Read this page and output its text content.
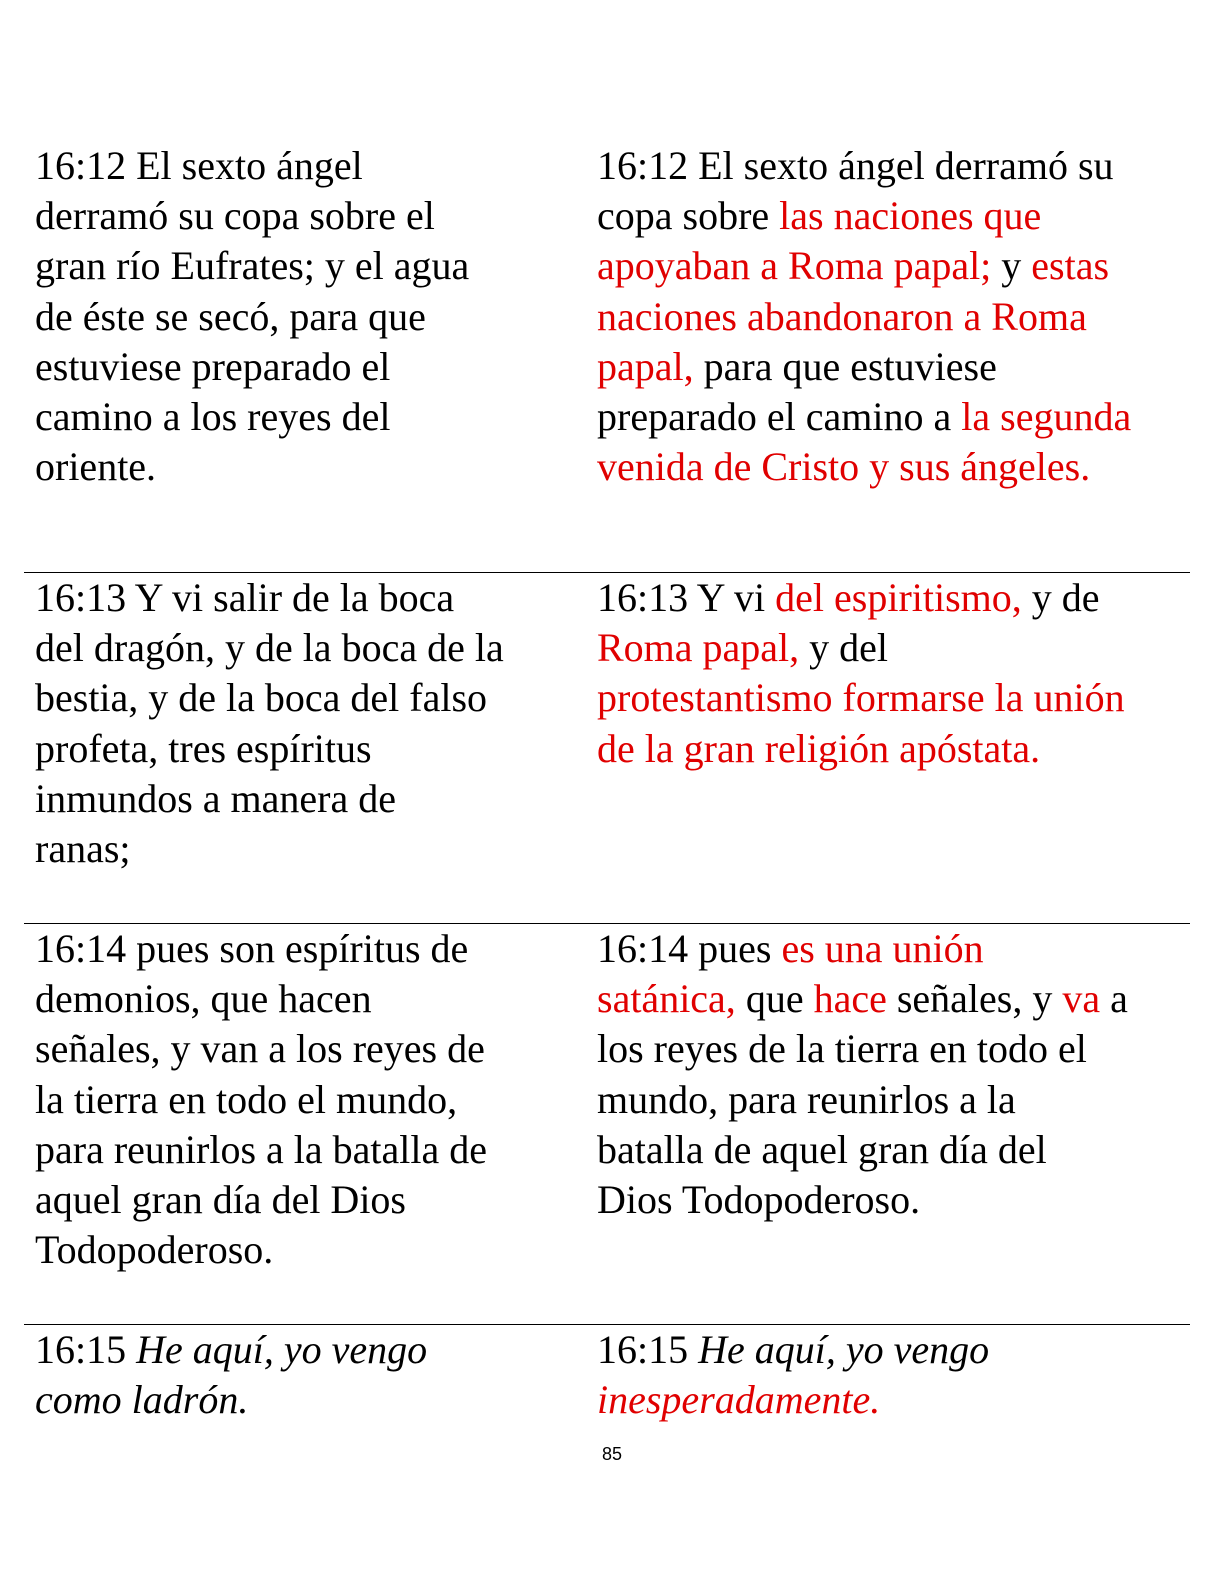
16:12 El sexto ángel
derramó su copa sobre el
gran río Eufrates; y el agua
de éste se secó, para que
estuviese preparado el
camino a los reyes del
oriente.
16:12 El sexto ángel derramó su
copa sobre las naciones que
apoyaban a Roma papal; y estas
naciones abandonaron a Roma
papal, para que estuviese
preparado el camino a la segunda
venida de Cristo y sus ángeles.
16:13 Y vi salir de la boca
del dragón, y de la boca de la
bestia, y de la boca del falso
profeta, tres espíritus
inmundos a manera de
ranas;
16:13 Y vi del espiritismo, y de
Roma papal, y del
protestantismo formarse la unión
de la gran religión apóstata.
16:14 pues son espíritus de
demonios, que hacen
señales, y van a los reyes de
la tierra en todo el mundo,
para reunirlos a la batalla de
aquel gran día del Dios
Todopoderoso.
16:14 pues es una unión
satánica, que hace señales, y va a
los reyes de la tierra en todo el
mundo, para reunirlos a la
batalla de aquel gran día del
Dios Todopoderoso.
16:15 He aquí, yo vengo
como ladrón.
16:15 He aquí, yo vengo
inesperadamente.
85
